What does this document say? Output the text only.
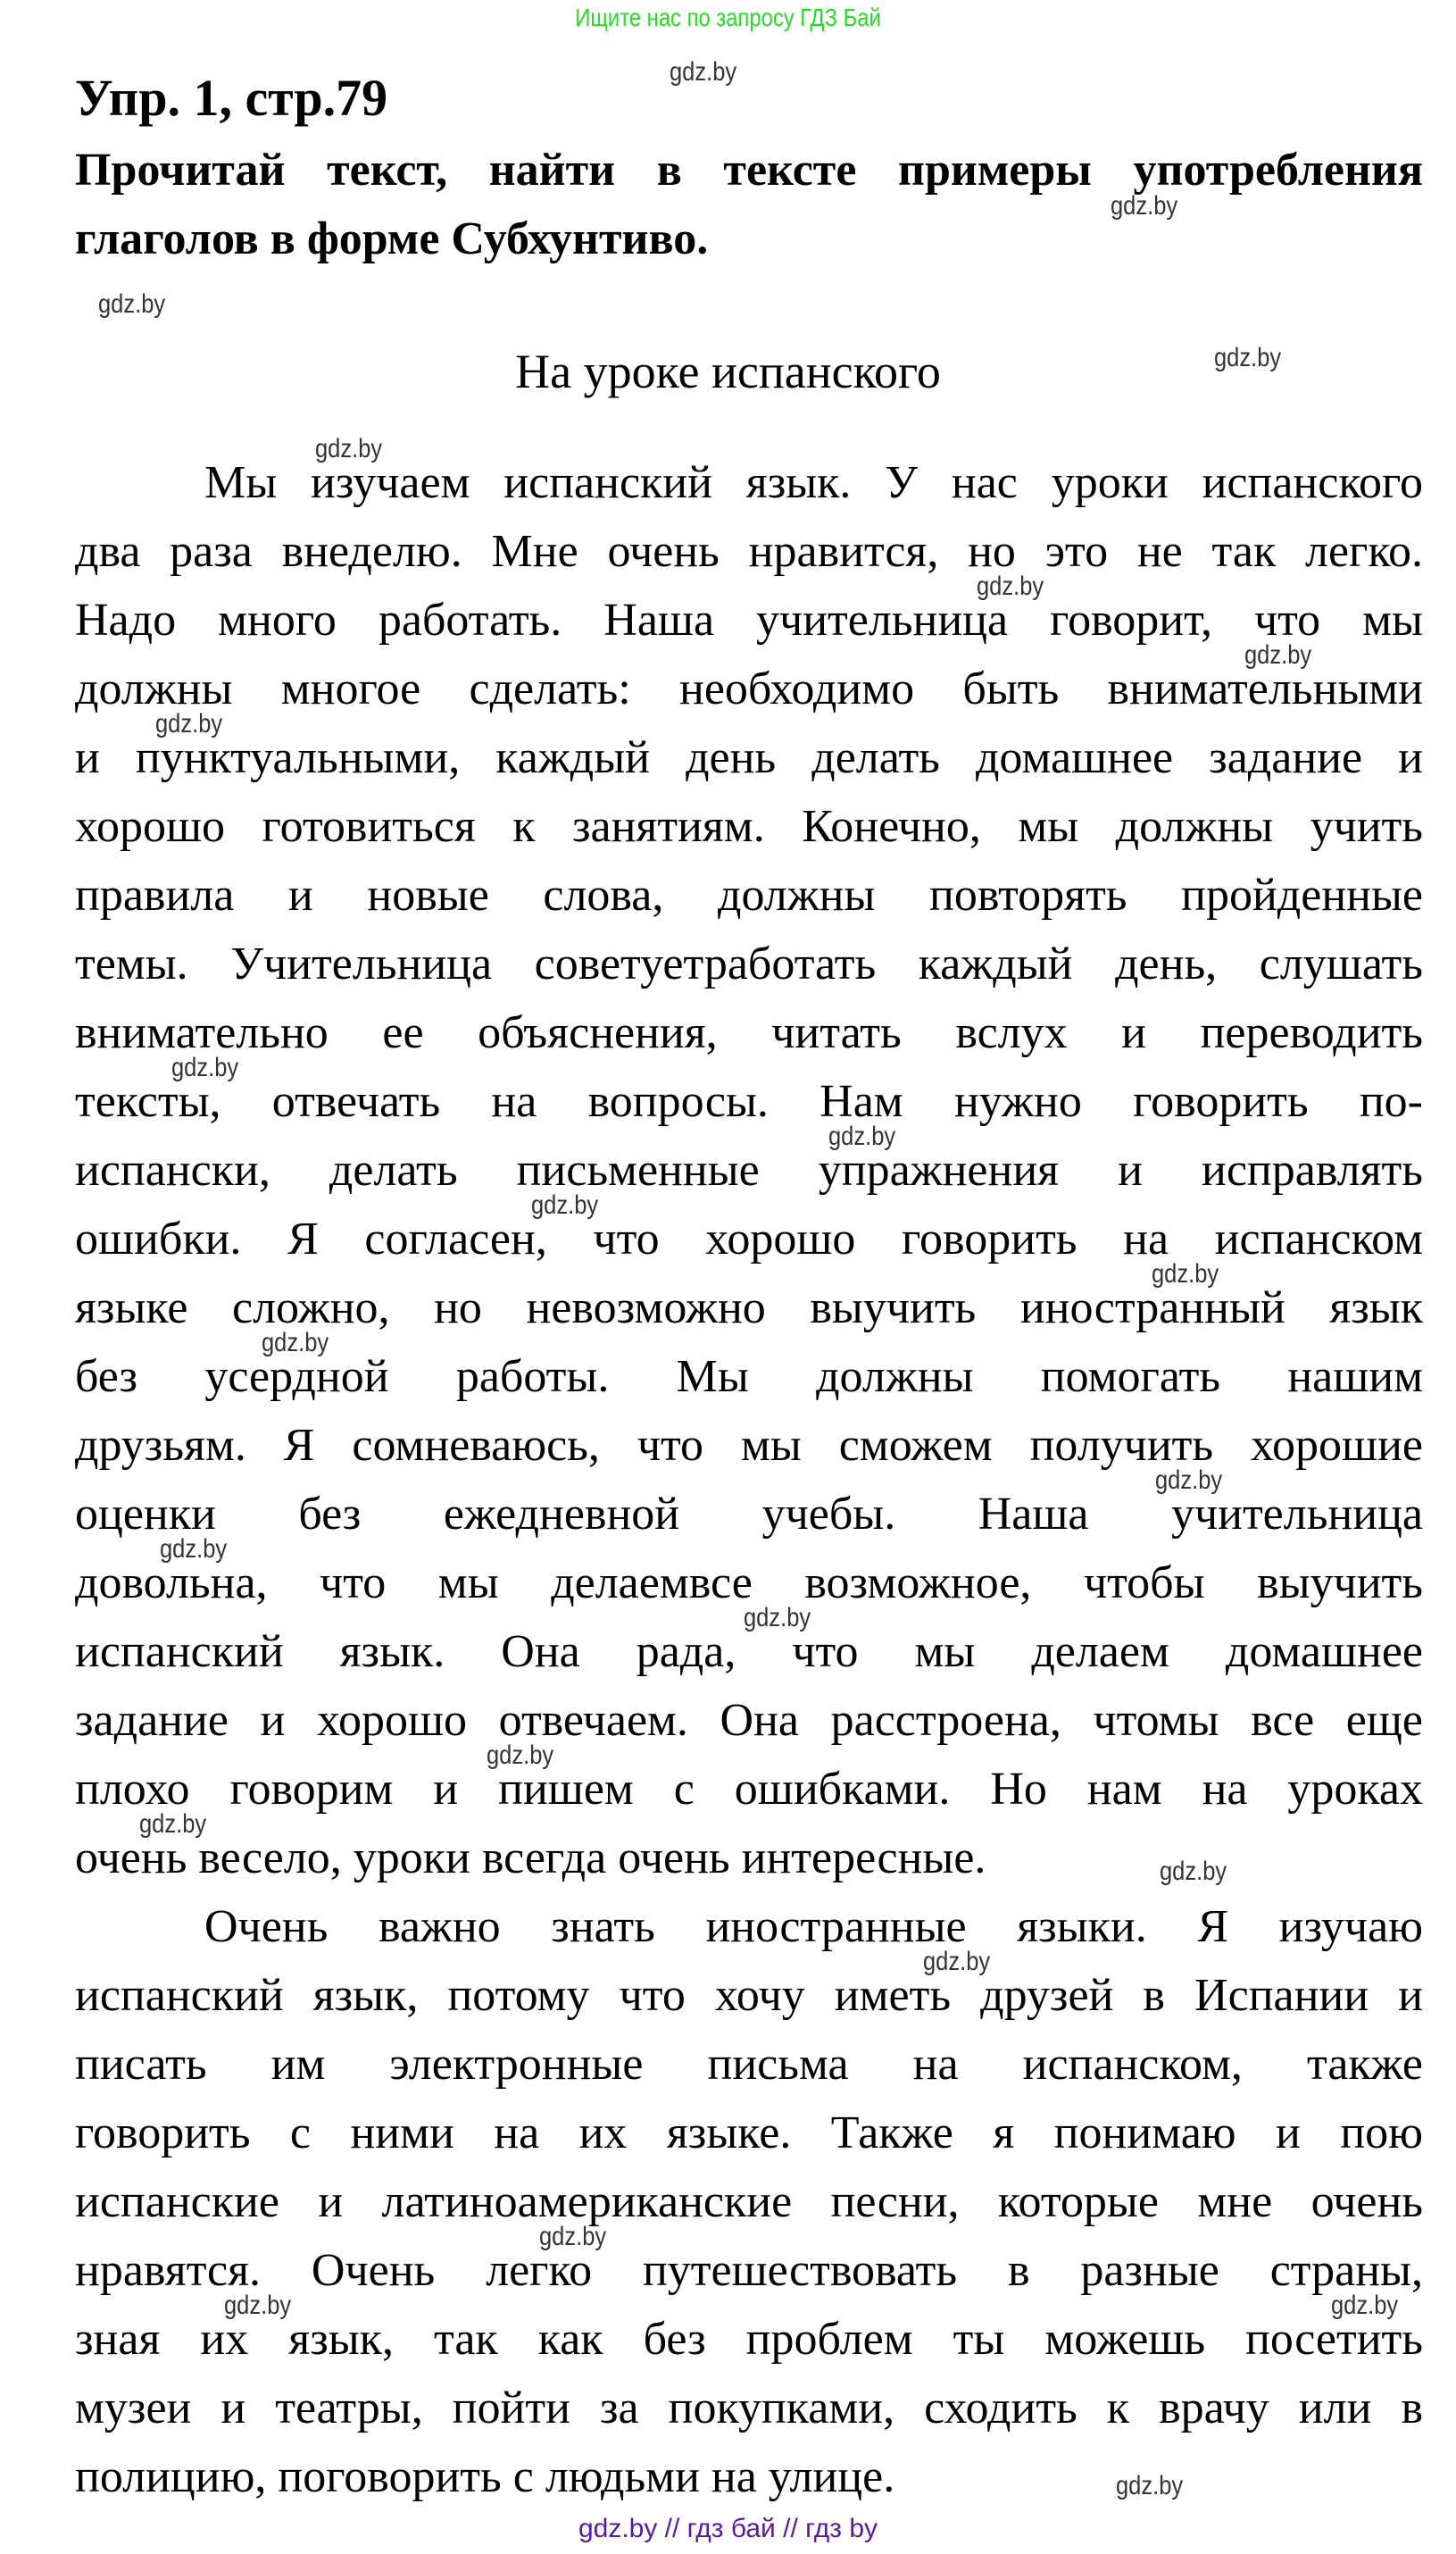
Ищите нас по запросу ГДЗ Бай
Упр. 1, стр.79
Прочитай текст, найти в тексте примеры употребления
глаголов в форме Субхунтиво.
На уроке испанского
Мы изучаем испанский язык. У нас уроки испанского
два раза внеделю. Мне очень нравится, но это не так легко.
Надо много работать. Наша учительница говорит, что мы
должны многое сделать: необходимо быть внимательными
и пунктуальными, каждый день делать домашнее задание и
хорошо готовиться к занятиям. Конечно, мы должны учить
правила и новые слова, должны повторять пройденные
темы. Учительница советуетработать каждый день, слушать
внимательно ее объяснения, читать вслух и переводить
тексты, отвечать на вопросы. Нам нужно говорить по-
испански, делать письменные упражнения и исправлять
ошибки. Я согласен, что хорошо говорить на испанском
языке сложно, но невозможно выучить иностранный язык
без усердной работы. Мы должны помогать нашим
друзьям. Я сомневаюсь, что мы сможем получить хорошие
оценки без ежедневной учебы. Наша учительница
довольна, что мы делаемвсе возможное, чтобы выучить
испанский язык. Она рада, что мы делаем домашнее
задание и хорошо отвечаем. Она расстроена, чтомы все еще
плохо говорим и пишем с ошибками. Но нам на уроках
очень весело, уроки всегда очень интересные.
Очень важно знать иностранные языки. Я изучаю
испанский язык, потому что хочу иметь друзей в Испании и
писать им электронные письма на испанском, также
говорить с ними на их языке. Также я понимаю и пою
испанские и латиноамериканские песни, которые мне очень
нравятся. Очень легко путешествовать в разные страны,
зная их язык, так как без проблем ты можешь посетить
музеи и театры, пойти за покупками, сходить к врачу или в
полицию, поговорить с людьми на улице.
gdz.by
gdz.by
gdz.by
gdz.by
gdz.by
gdz.by
gdz.by
gdz.by
gdz.by
gdz.by
gdz.by
gdz.by
gdz.by
gdz.by
gdz.by
gdz.by
gdz.by
gdz.by
gdz.by
gdz.by
gdz.by
gdz.by	gdz.by
gdz.by
gdz.by // гдз бай // гдз by
